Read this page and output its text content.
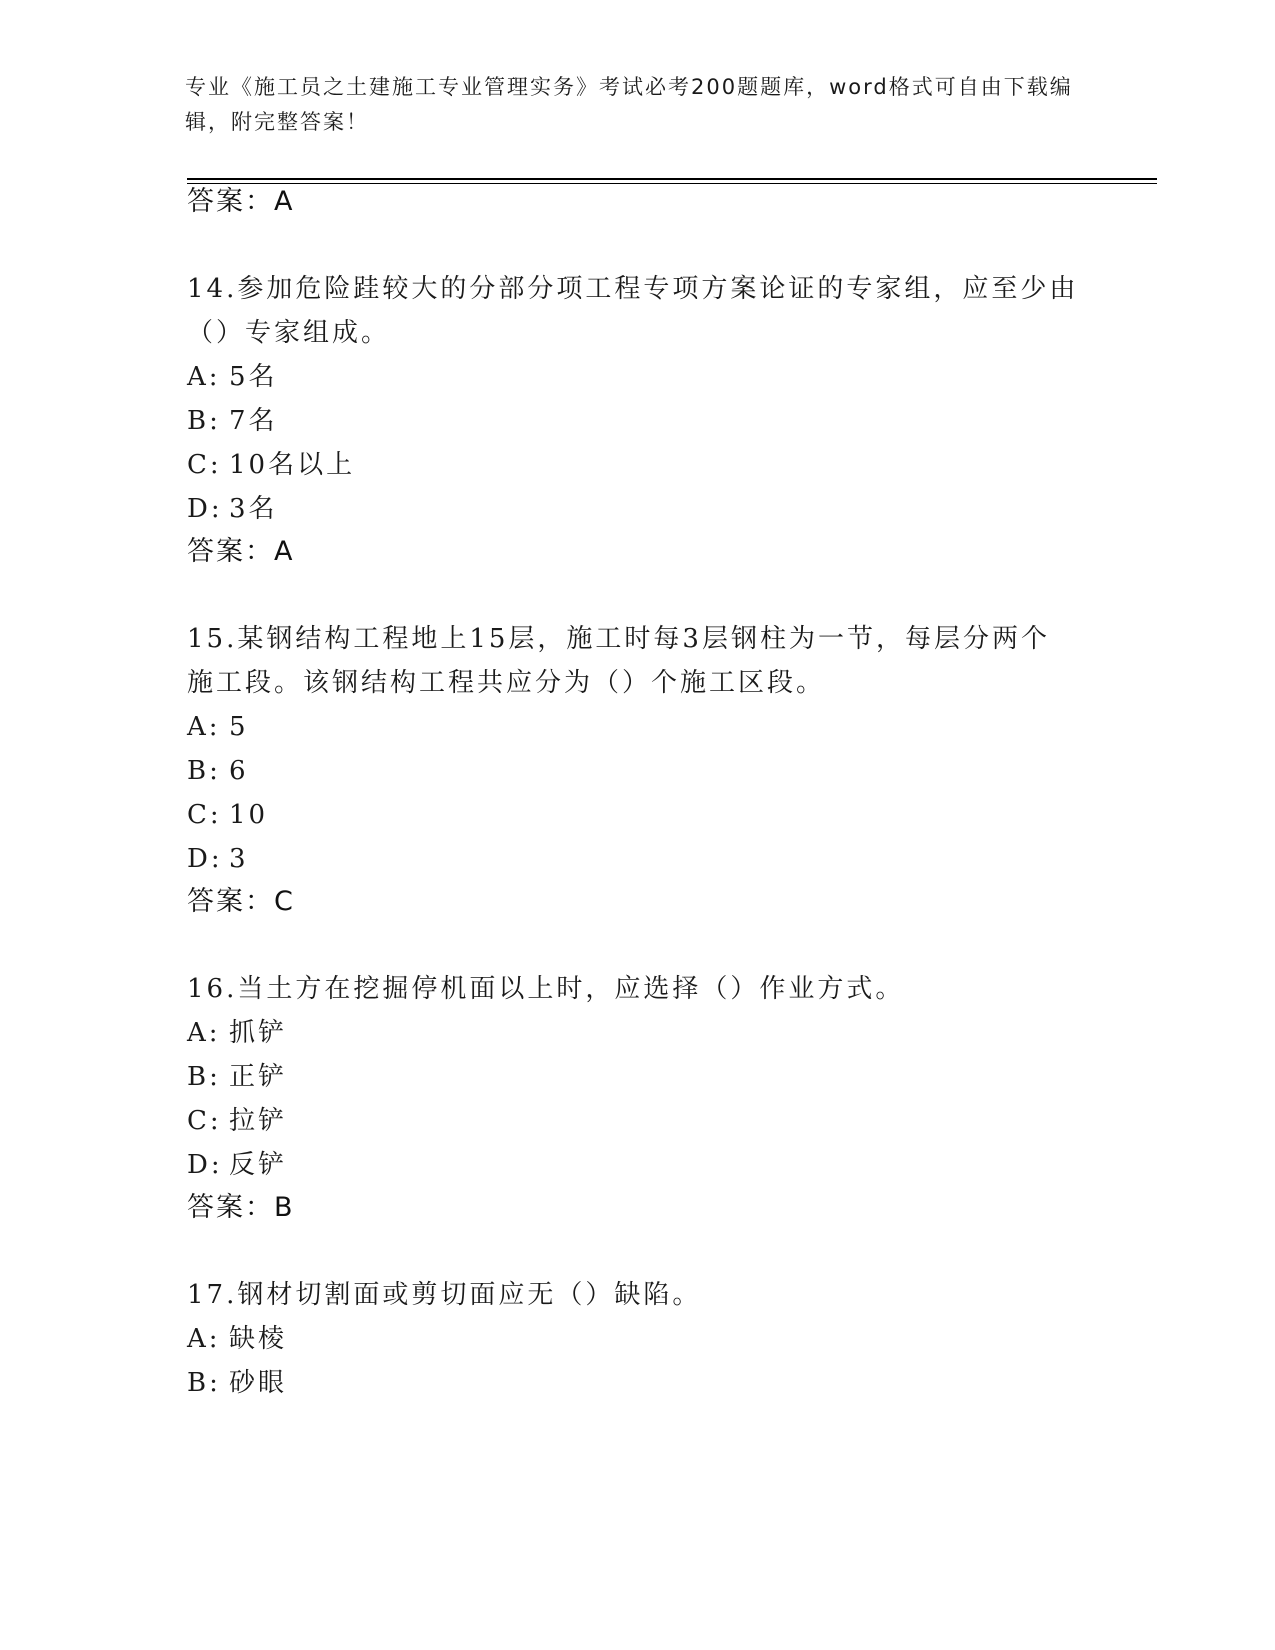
专业《施工员之土建施工专业管理实务》考试必考200题题库，word格式可自由下载编辑，附完整答案！
答案：A
14.参加危险跬较大的分部分项工程专项方案论证的专家组，应至少由
（）专家组成。
A: 5名
B: 7名
C: 10名以上
D: 3名
答案：A
15.某钢结构工程地上15层，施工时每3层钢柱为一节，每层分两个
施工段。该钢结构工程共应分为（）个施工区段。
A: 5
B: 6
C: 10
D: 3
答案：C
16.当土方在挖掘停机面以上时，应选择（）作业方式。
A: 抓铲
B: 正铲
C: 拉铲
D: 反铲
答案：B
17.钢材切割面或剪切面应无（）缺陷。
A: 缺棱
B: 砂眼
